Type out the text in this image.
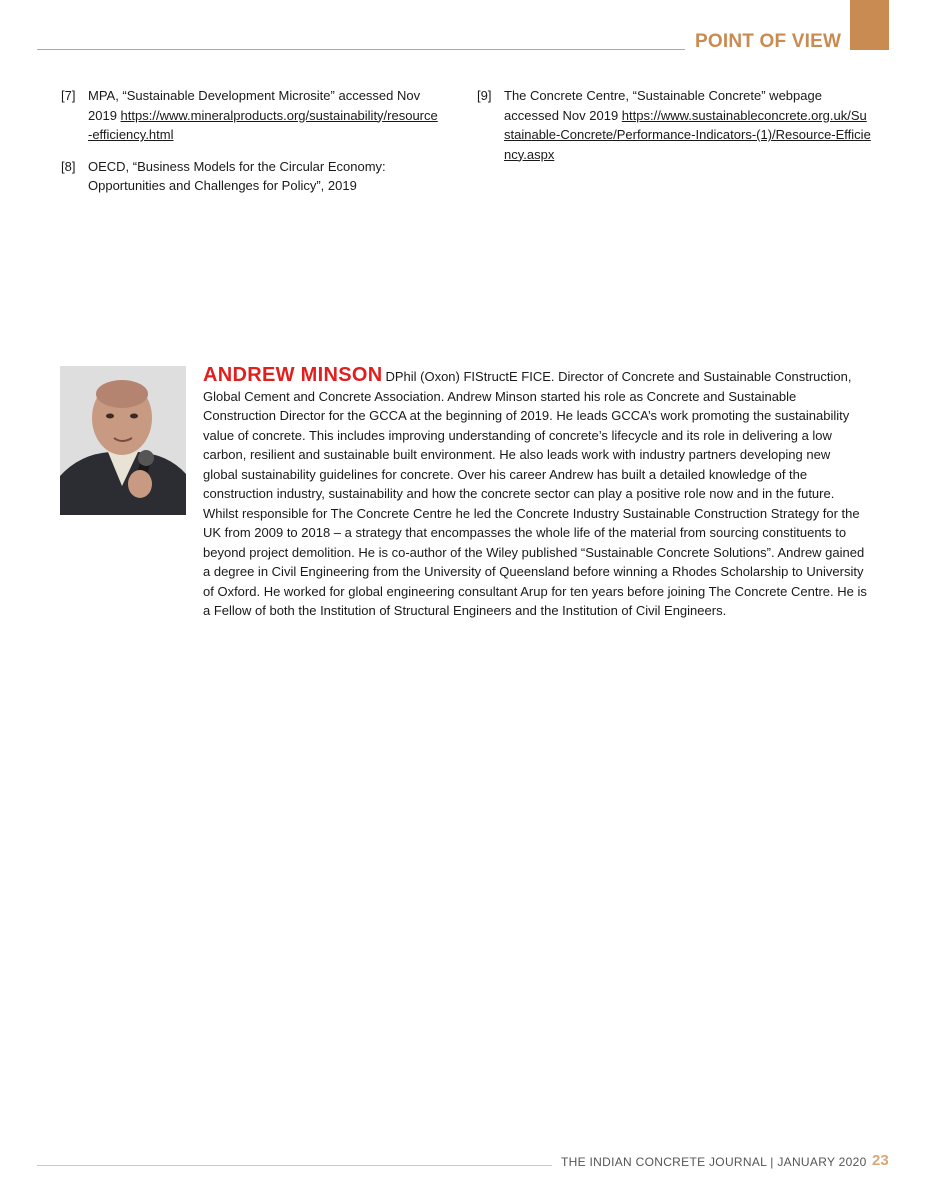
POINT OF VIEW
[7] MPA, “Sustainable Development Microsite” accessed Nov 2019 https://www.mineralproducts.org/sustainability/resource-efficiency.html
[8] OECD, “Business Models for the Circular Economy: Opportunities and Challenges for Policy”, 2019
[9] The Concrete Centre, “Sustainable Concrete” webpage accessed Nov 2019 https://www.sustainableconcrete.org.uk/Sustainable-Concrete/Performance-Indicators-(1)/Resource-Efficiency.aspx
ANDREW MINSON DPhil (Oxon) FIStructE FICE. Director of Concrete and Sustainable Construction, Global Cement and Concrete Association. Andrew Minson started his role as Concrete and Sustainable Construction Director for the GCCA at the beginning of 2019. He leads GCCA’s work promoting the sustainability value of concrete. This includes improving understanding of concrete’s lifecycle and its role in delivering a low carbon, resilient and sustainable built environment. He also leads work with industry partners developing new global sustainability guidelines for concrete. Over his career Andrew has built a detailed knowledge of the construction industry, sustainability and how the concrete sector can play a positive role now and in the future. Whilst responsible for The Concrete Centre he led the Concrete Industry Sustainable Construction Strategy for the UK from 2009 to 2018 – a strategy that encompasses the whole life of the material from sourcing constituents to beyond project demolition. He is co-author of the Wiley published “Sustainable Concrete Solutions”. Andrew gained a degree in Civil Engineering from the University of Queensland before winning a Rhodes Scholarship to University of Oxford. He worked for global engineering consultant Arup for ten years before joining The Concrete Centre. He is a Fellow of both the Institution of Structural Engineers and the Institution of Civil Engineers.
THE INDIAN CONCRETE JOURNAL | JANUARY 2020 23
